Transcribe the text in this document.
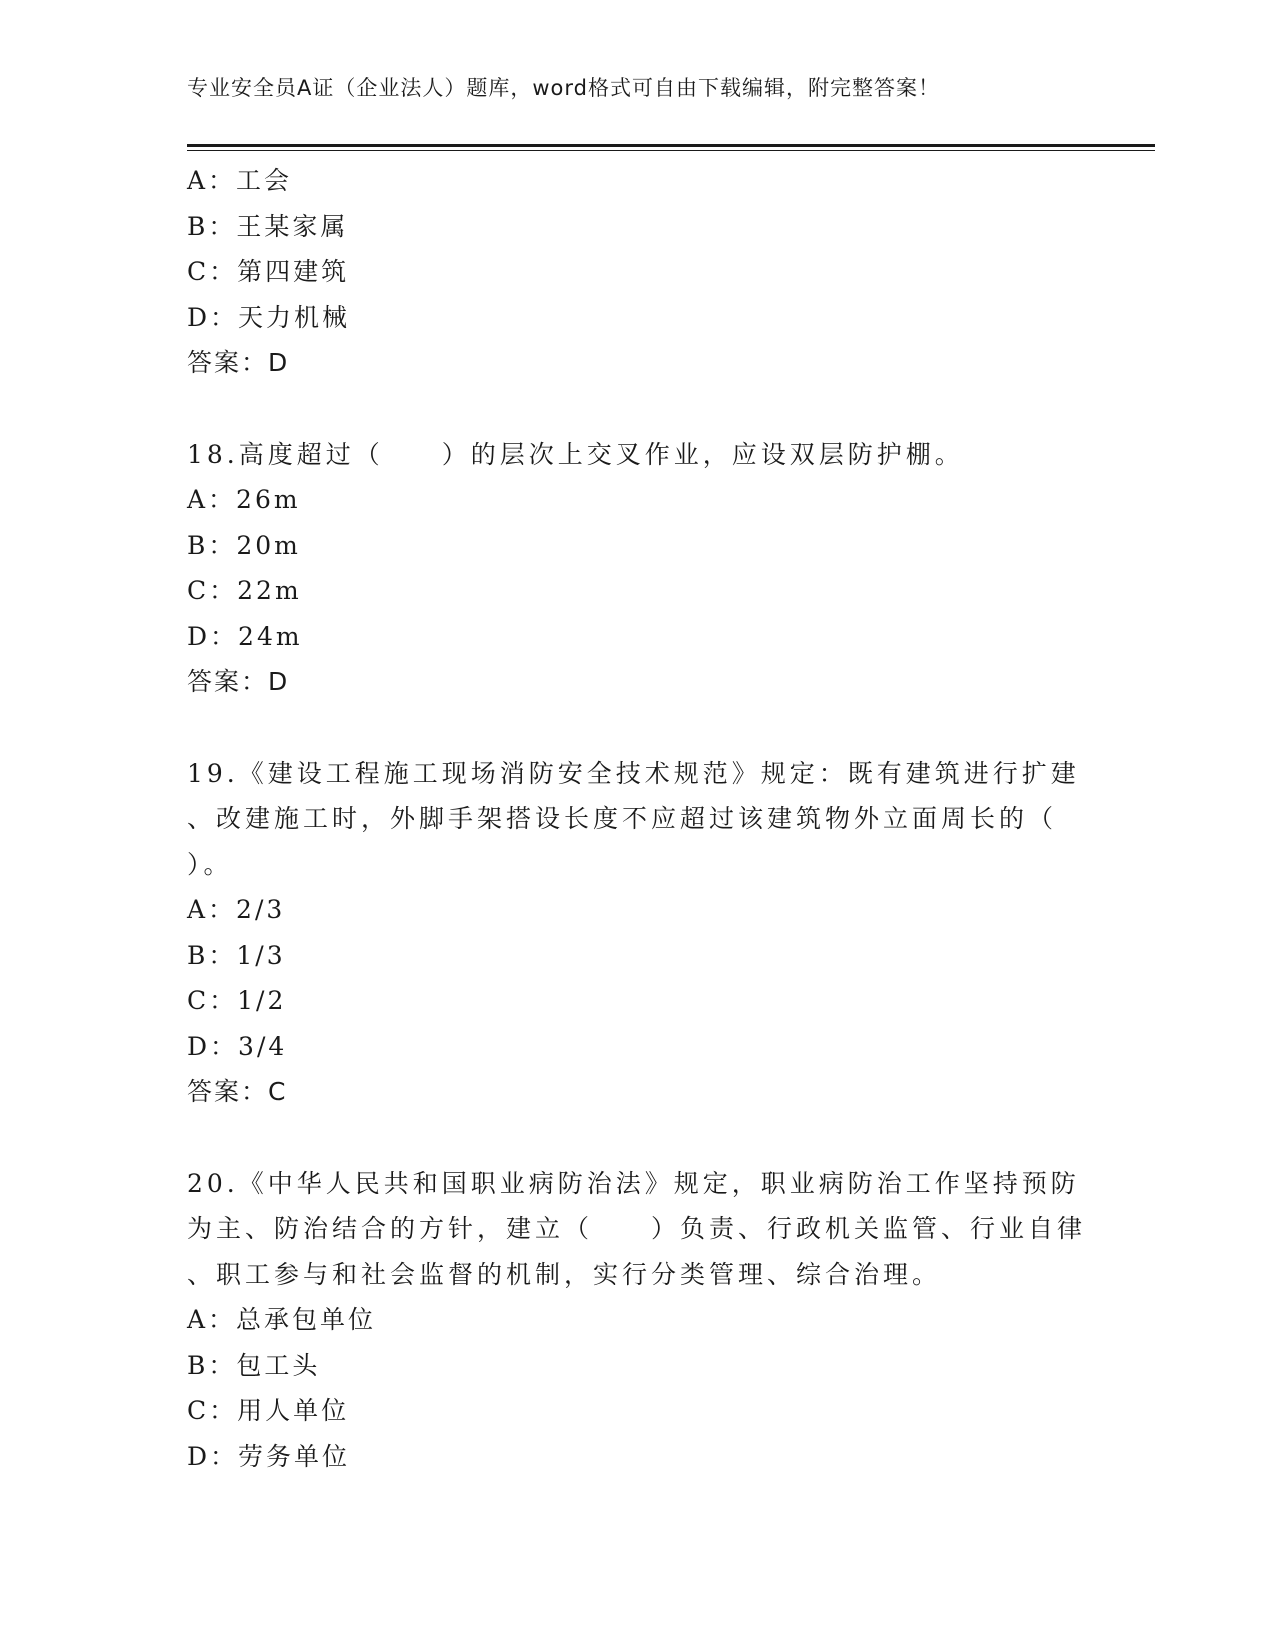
专业安全员A证（企业法人）题库，word格式可自由下载编辑，附完整答案！
A：工会
B：王某家属
C：第四建筑
D：天力机械
答案：D
18.高度超过（　　）的层次上交叉作业，应设双层防护棚。
A：26m
B：20m
C：22m
D：24m
答案：D
19.《建设工程施工现场消防安全技术规范》规定：既有建筑进行扩建
、改建施工时，外脚手架搭设长度不应超过该建筑物外立面周长的（
）。
A：2/3
B：1/3
C：1/2
D：3/4
答案：C
20.《中华人民共和国职业病防治法》规定，职业病防治工作坚持预防
为主、防治结合的方针，建立（　　）负责、行政机关监管、行业自律
、职工参与和社会监督的机制，实行分类管理、综合治理。
A：总承包单位
B：包工头
C：用人单位
D：劳务单位
